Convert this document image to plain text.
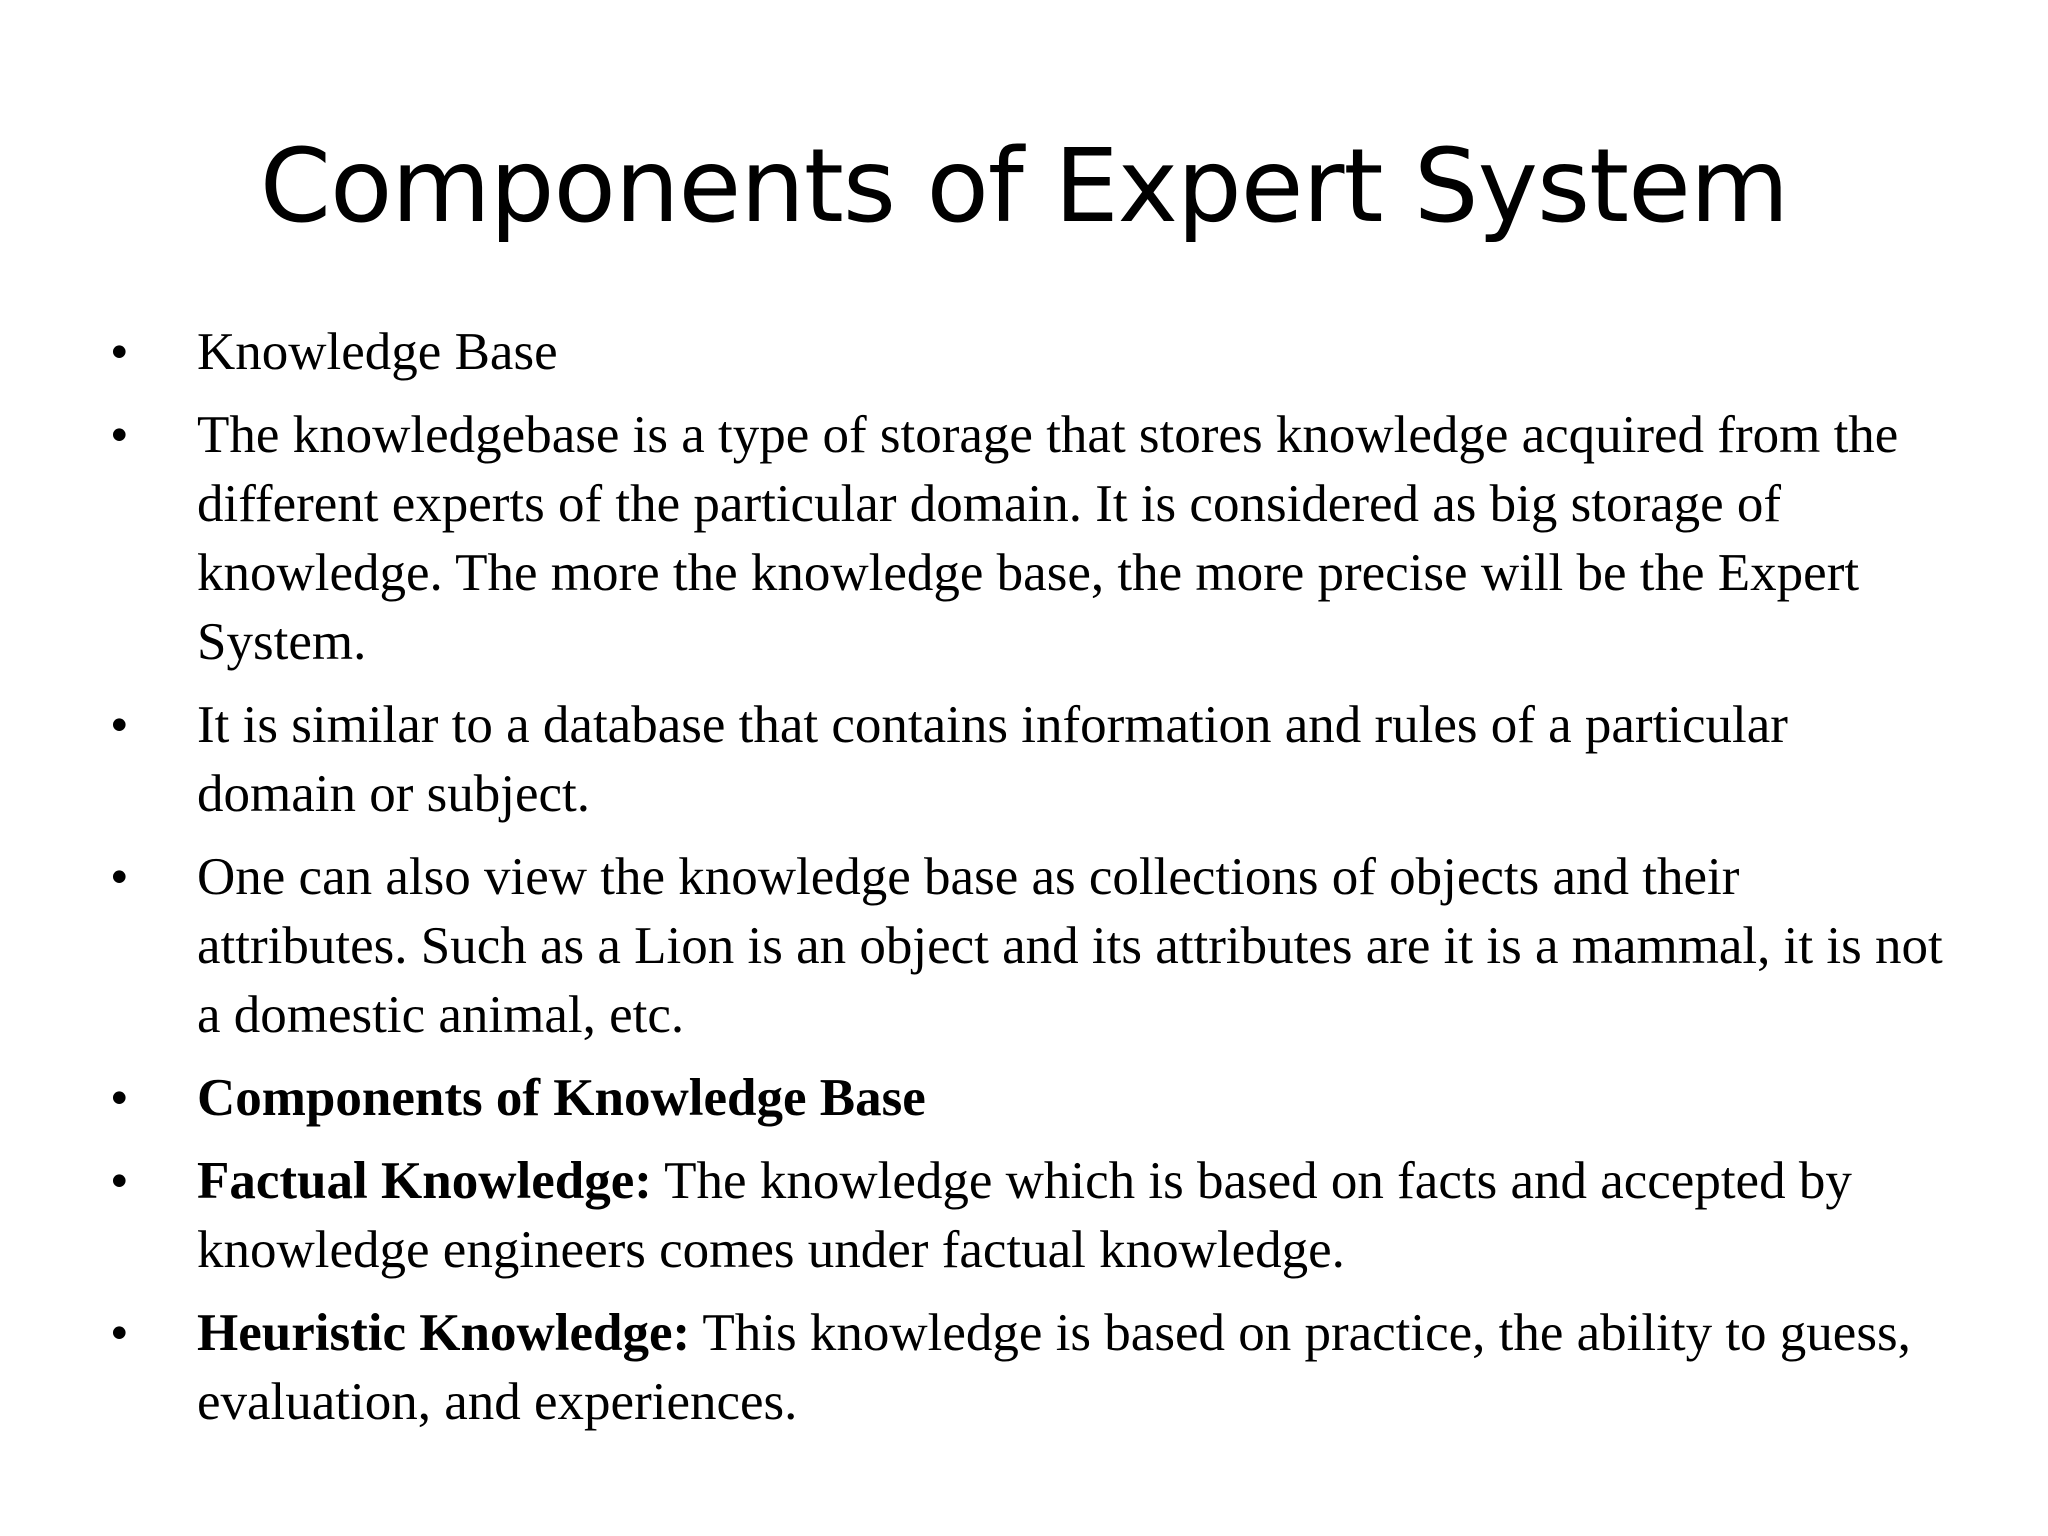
Components of Expert System
•	Knowledge Base
•	The knowledgebase is a type of storage that stores knowledge acquired from the different experts of the particular domain. It is considered as big storage of knowledge. The more the knowledge base, the more precise will be the Expert System.
•	It is similar to a database that contains information and rules of a particular domain or subject.
•	One can also view the knowledge base as collections of objects and their attributes. Such as a Lion is an object and its attributes are it is a mammal, it is not a domestic animal, etc.
•	Components of Knowledge Base
•	Factual Knowledge: The knowledge which is based on facts and accepted by knowledge engineers comes under factual knowledge.
•	Heuristic Knowledge: This knowledge is based on practice, the ability to guess, evaluation, and experiences.
